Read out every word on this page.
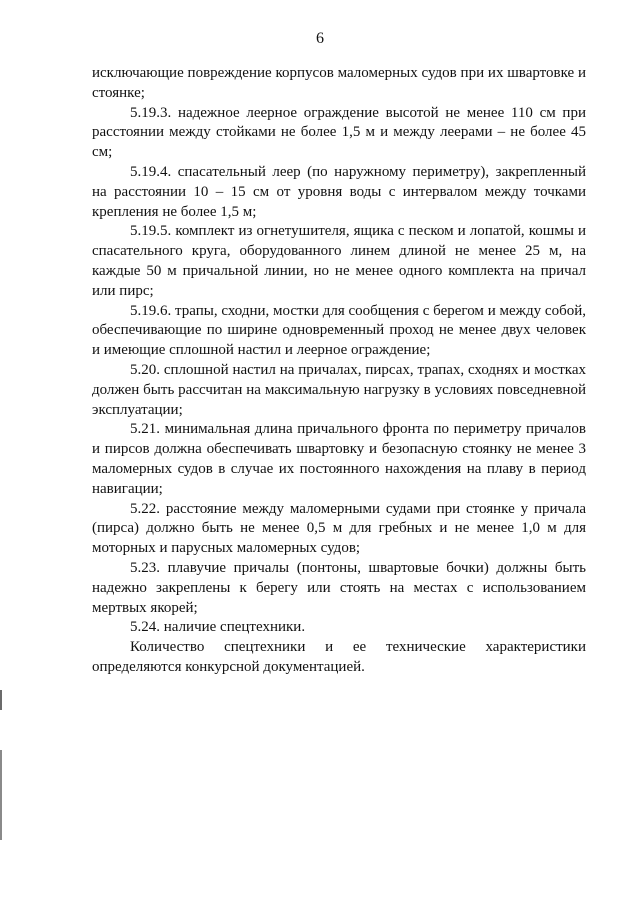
6

исключающие повреждение корпусов маломерных судов при их швартовке и стоянке;

5.19.3. надежное леерное ограждение высотой не менее 110 см при расстоянии между стойками не более 1,5 м и между леерами – не более 45 см;

5.19.4. спасательный леер (по наружному периметру), закрепленный на расстоянии 10 – 15 см от уровня воды с интервалом между точками крепления не более 1,5 м;

5.19.5. комплект из огнетушителя, ящика с песком и лопатой, кошмы и спасательного круга, оборудованного линем длиной не менее 25 м, на каждые 50 м причальной линии, но не менее одного комплекта на причал или пирс;

5.19.6. трапы, сходни, мостки для сообщения с берегом и между собой, обеспечивающие по ширине одновременный проход не менее двух человек и имеющие сплошной настил и леерное ограждение;

5.20. сплошной настил на причалах, пирсах, трапах, сходнях и мостках должен быть рассчитан на максимальную нагрузку в условиях повседневной эксплуатации;

5.21. минимальная длина причального фронта по периметру причалов и пирсов должна обеспечивать швартовку и безопасную стоянку не менее 3 маломерных судов в случае их постоянного нахождения на плаву в период навигации;

5.22. расстояние между маломерными судами при стоянке у причала (пирса) должно быть не менее 0,5 м для гребных и не менее 1,0 м для моторных и парусных маломерных судов;

5.23. плавучие причалы (понтоны, швартовые бочки) должны быть надежно закреплены к берегу или стоять на местах с использованием мертвых якорей;

5.24. наличие спецтехники.

Количество спецтехники и ее технические характеристики определяются конкурсной документацией.
